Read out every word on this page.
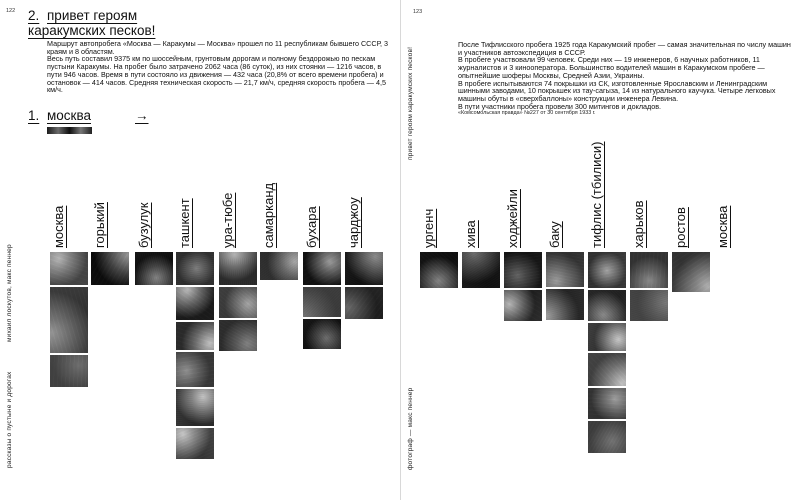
122
михаил лоскутов, макс пеннер
рассказы о пустыне и дорогах
2. привет героям
каракумских песков!

Маршрут автопробега «Москва — Каракумы — Москва» прошел по 11 республикам бывшего СССР, 3 краям и 8 областям.

Весь путь составил 9375 км по шоссейным, грунтовым дорогам и полному бездорожью по пескам пустыни Каракумы. На пробег было затрачено 2062 часа (86 суток), из них стоянки — 1216 часов, в пути 946 часов. Время в пути состояло из движения — 432 часа (20,8% от всего времени пробега) и остановок — 414 часов. Средняя техническая скорость — 21,7 км/ч, средняя скорость пробега — 4,5 км/ч.

1. москва	→
москва горький бузулук ташкент ура-тюбе самарканд бухара чарджоу
123
привет героям каракумских песков!
фотограф — макс пеннер

После Тифлисского пробега 1925 года Каракумский пробег — самая значительная по числу машин и участников автоэкспедиция в СССР.

В пробеге участвовали 99 человек. Среди них — 19 инженеров, 6 научных работников, 11 журналистов и 3 кинооператора. Большинство водителей машин в Каракумском пробеге — опытнейшие шоферы Москвы, Средней Азии, Украины.

В пробеге испытываются 74 покрышки из СК, изготовленные Ярославским и Ленинградским шинными заводами, 10 покрышек из тау-сагыза, 14 из натурального каучука. Четыре легковых машины обуты в «сверхбаллоны» конструкции инженера Левина.

В пути участники пробега провели 300 митингов и докладов.

«Комсомольская правда» №227 от 30 сентября 1933 г.

ургенч хива ходжейли баку тифлис (тбилиси) харьков ростов москва
